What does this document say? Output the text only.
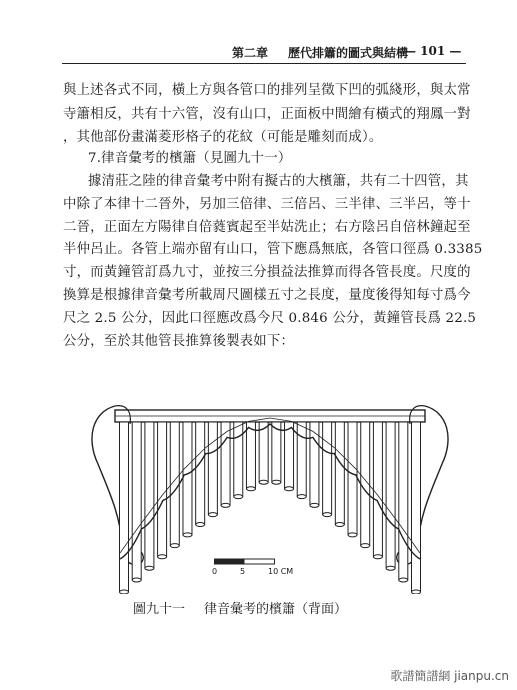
第二章 歷代排簫的圖式與結構
— 101 —
與上述各式不同，橫上方與各管口的排列呈徵下凹的弧綫形，與太常
寺簫相反，共有十六管，沒有山口，正面板中間繪有橫式的翔鳳一對
，其他部份畫滿菱形格子的花紋（可能是雕刻而成）。
7.律音彙考的檳簫（見圖九十一）
據清莊之陸的律音彙考中附有擬古的大檳簫，共有二十四管，其
中除了本律十二晉外，另加三倍律、三倍呂、三半律、三半呂，等十
二晉，正面左方陽律自倍蕤賓起至半姑洗止；右方陰呂自倍林鐘起至
半仲呂止。各管上端亦留有山口，管下應爲無底，各管口徑爲 0.3385
寸，而黃鐘管訂爲九寸，並按三分損益法推算而得各管長度。尺度的
換算是根據律音彙考所載周尺圖樣五寸之長度，量度後得知每寸爲今
尺之 2.5 公分，因此口徑應改爲今尺 0.846 公分，黃鐘管長爲 22.5
公分，至於其他管長推算後製表如下：
0	5	10 CM
圖九十一 律音彙考的檳簫（背面）
歌譜簡譜網 jianpu.cn
